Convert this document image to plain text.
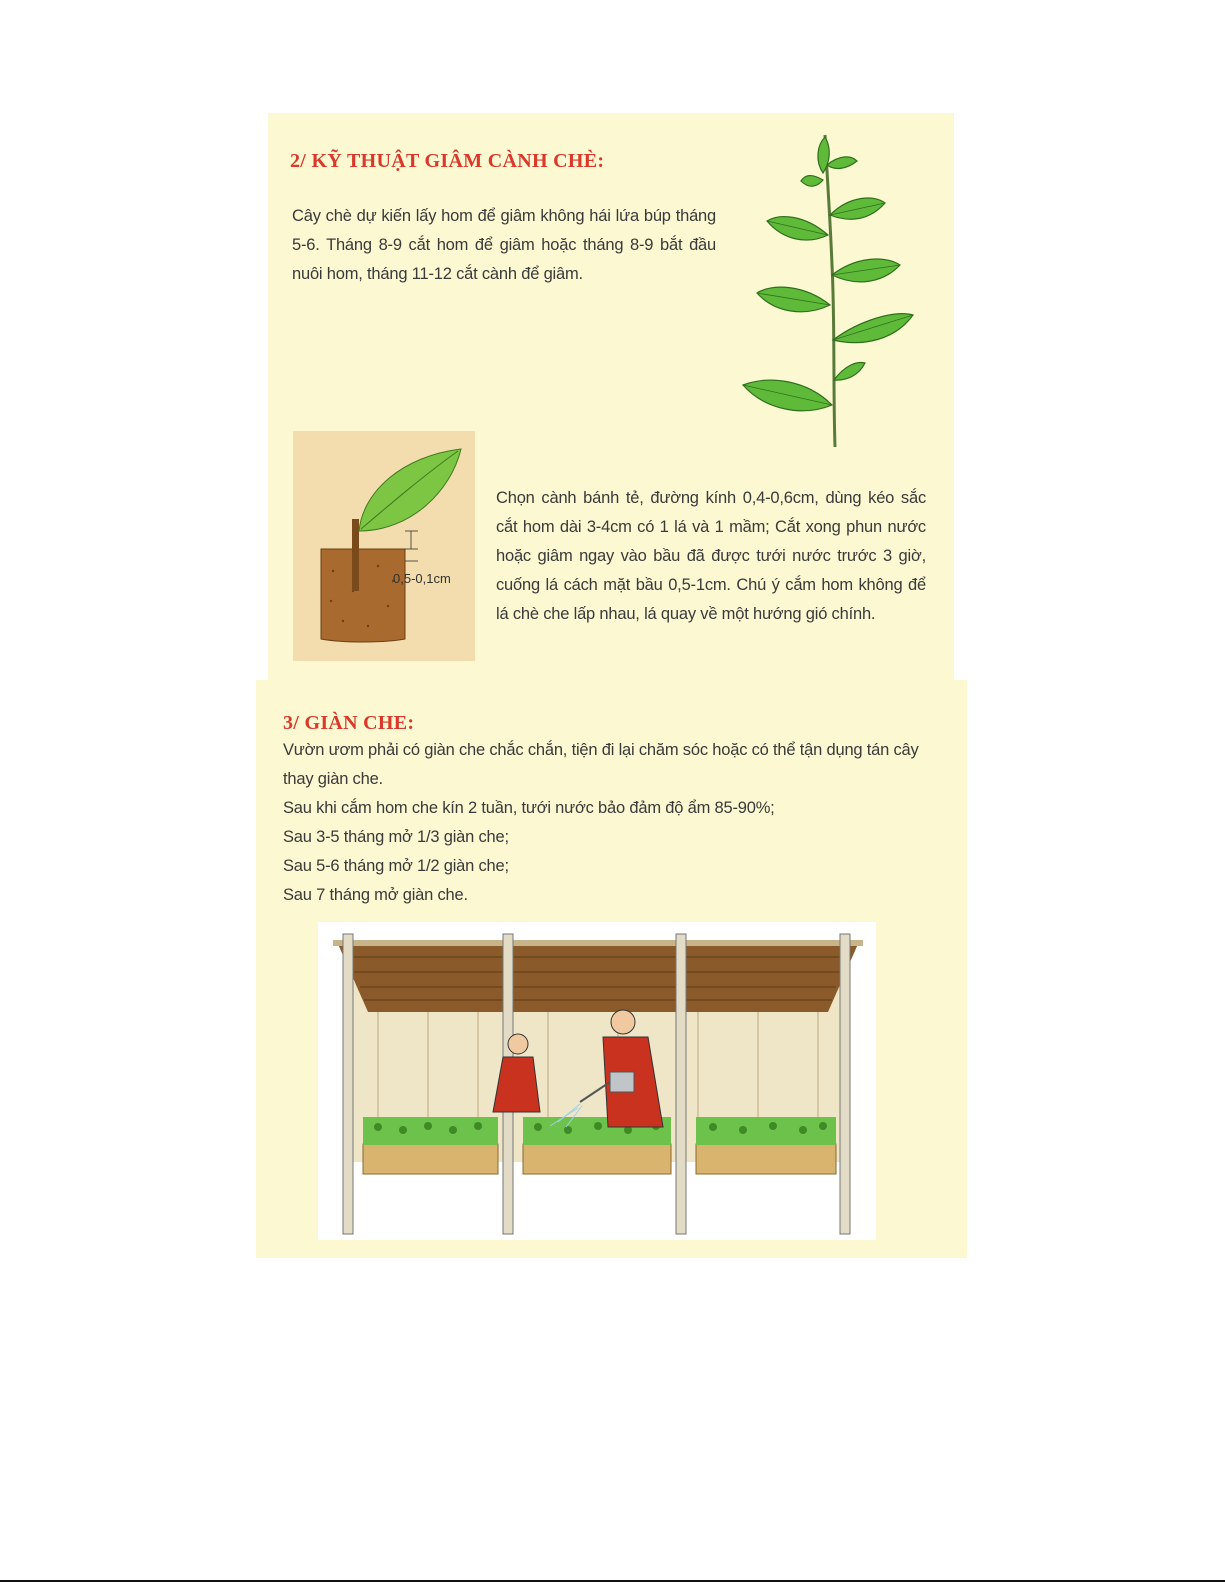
2/ KỸ THUẬT GIÂM CÀNH CHÈ:

Cây chè dự kiến lấy hom để giâm không hái lứa búp tháng 5-6. Tháng 8-9 cắt hom để giâm hoặc tháng 8-9 bắt đầu nuôi hom, tháng 11-12 cắt cành để giâm.

0,5-0,1cm

Chọn cành bánh tẻ, đường kính 0,4-0,6cm, dùng kéo sắc cắt hom dài 3-4cm có 1 lá và 1 mầm; Cắt xong phun nước hoặc giâm ngay vào bầu đã được tưới nước trước 3 giờ, cuống lá cách mặt bầu 0,5-1cm. Chú ý cắm hom không để lá chè che lấp nhau, lá quay về một hướng gió chính.

3/ GIÀN CHE:
Vườn ươm phải có giàn che chắc chắn, tiện đi lại chăm sóc hoặc có thể tận dụng tán cây thay giàn che.
Sau khi cắm hom che kín 2 tuần, tưới nước bảo đảm độ ẩm 85-90%;
Sau 3-5 tháng mở 1/3 giàn che;
Sau 5-6 tháng mở 1/2 giàn che;
Sau 7 tháng mở giàn che.
